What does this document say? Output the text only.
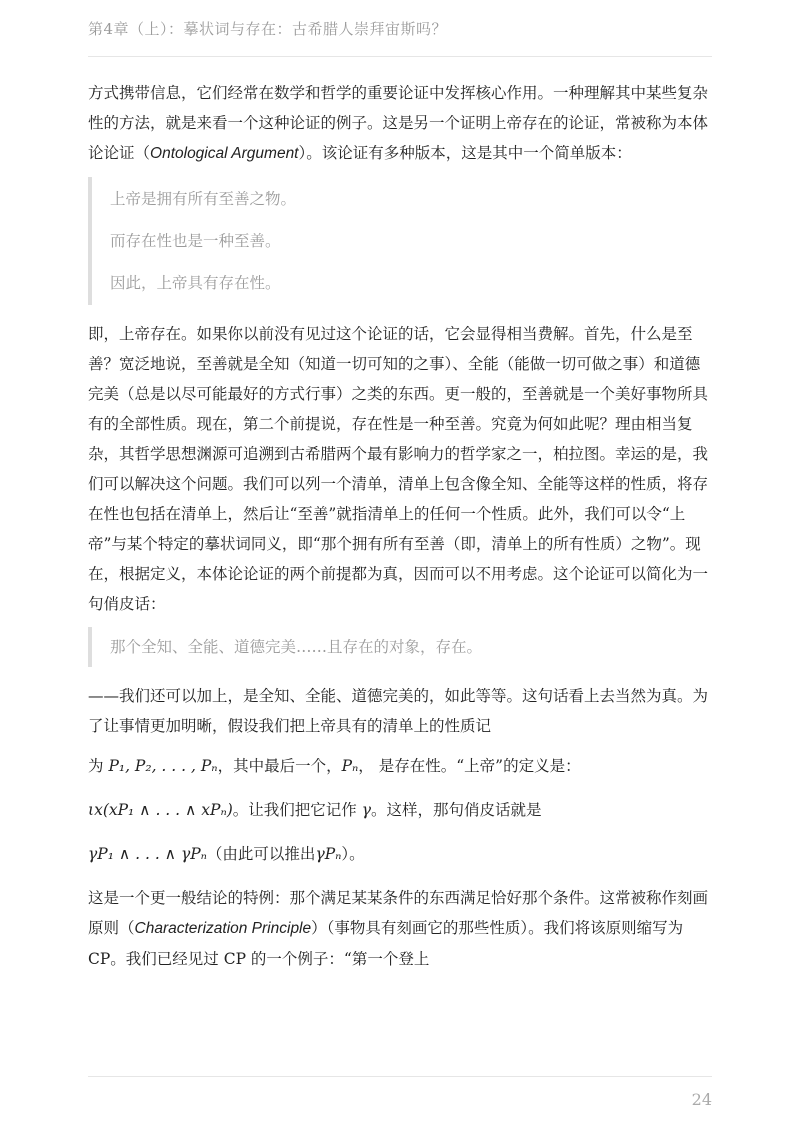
第4章（上）：摹状词与存在：古希腊人崇拜宙斯吗？

方式携带信息，它们经常在数学和哲学的重要论证中发挥核心作用。一种理解其中某些复杂性的方法，就是来看一个这种论证的例子。这是另一个证明上帝存在的论证，常被称为本体论论证（Ontological Argument）。该论证有多种版本，这是其中一个简单版本：

上帝是拥有所有至善之物。
而存在性也是一种至善。
因此，上帝具有存在性。

即，上帝存在。如果你以前没有见过这个论证的话，它会显得相当费解。首先，什么是至善？宽泛地说，至善就是全知（知道一切可知的之事）、全能（能做一切可做之事）和道德完美（总是以尽可能最好的方式行事）之类的东西。更一般的，至善就是一个美好事物所具有的全部性质。现在，第二个前提说，存在性是一种至善。究竟为何如此呢？理由相当复杂，其哲学思想渊源可追溯到古希腊两个最有影响力的哲学家之一，柏拉图。幸运的是，我们可以解决这个问题。我们可以列一个清单，清单上包含像全知、全能等这样的性质，将存在性也包括在清单上，然后让“至善”就指清单上的任何一个性质。此外，我们可以令“上帝”与某个特定的摹状词同义，即“那个拥有所有至善（即，清单上的所有性质）之物”。现在，根据定义，本体论论证的两个前提都为真，因而可以不用考虑。这个论证可以简化为一句俏皮话：

那个全知、全能、道德完美……且存在的对象，存在。

——我们还可以加上，是全知、全能、道德完美的，如此等等。这句话看上去当然为真。为了让事情更加明晰，假设我们把上帝具有的清单上的性质记

为 P₁, P₂, . . . , Pₙ，其中最后一个，Pₙ， 是存在性。“上帝”的定义是：
ιx(xP₁ ∧ . . . ∧ xPₙ)。让我们把它记作 γ。这样，那句俏皮话就是
γP₁ ∧ . . . ∧ γPₙ（由此可以推出γPₙ）。

这是一个更一般结论的特例：那个满足某某条件的东西满足恰好那个条件。这常被称作刻画原则（Characterization Principle）（事物具有刻画它的那些性质）。我们将该原则缩写为 CP。我们已经见过 CP 的一个例子：“第一个登上

24
